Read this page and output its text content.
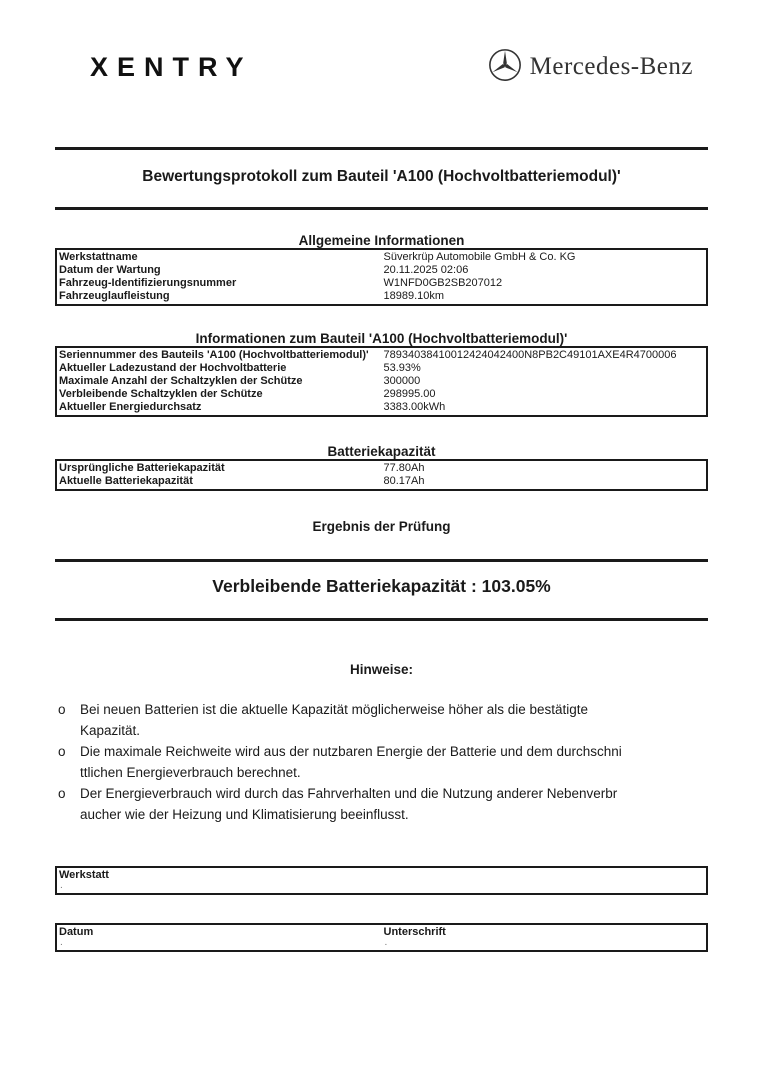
XENTRY	Mercedes-Benz
Bewertungsprotokoll zum Bauteil 'A100 (Hochvoltbatteriemodul)'
Allgemeine Informationen
Werkstattname	Süverkrüp Automobile GmbH & Co. KG
Datum der Wartung	20.11.2025 02:06
Fahrzeug-Identifizierungsnummer	W1NFD0GB2SB207012
Fahrzeuglaufleistung	18989.10km
Informationen zum Bauteil 'A100 (Hochvoltbatteriemodul)'
Seriennummer des Bauteils 'A100 (Hochvoltbatteriemodul)'	78934038410012424042400N8PB2C49101AXE4R4700006
Aktueller Ladezustand der Hochvoltbatterie	53.93%
Maximale Anzahl der Schaltzyklen der Schütze	300000
Verbleibende Schaltzyklen der Schütze	298995.00
Aktueller Energiedurchsatz	3383.00kWh
Batteriekapazität
Ursprüngliche Batteriekapazität	77.80Ah
Aktuelle Batteriekapazität	80.17Ah
Ergebnis der Prüfung
Verbleibende Batteriekapazität : 103.05%
Hinweise:
o	Bei neuen Batterien ist die aktuelle Kapazität möglicherweise höher als die bestätigte
Kapazität.
o	Die maximale Reichweite wird aus der nutzbaren Energie der Batterie und dem durchschni
ttlichen Energieverbrauch berechnet.
o	Der Energieverbrauch wird durch das Fahrverhalten und die Nutzung anderer Nebenverbr
aucher wie der Heizung und Klimatisierung beeinflusst.
Werkstatt
.
Datum
.
Unterschrift
.
